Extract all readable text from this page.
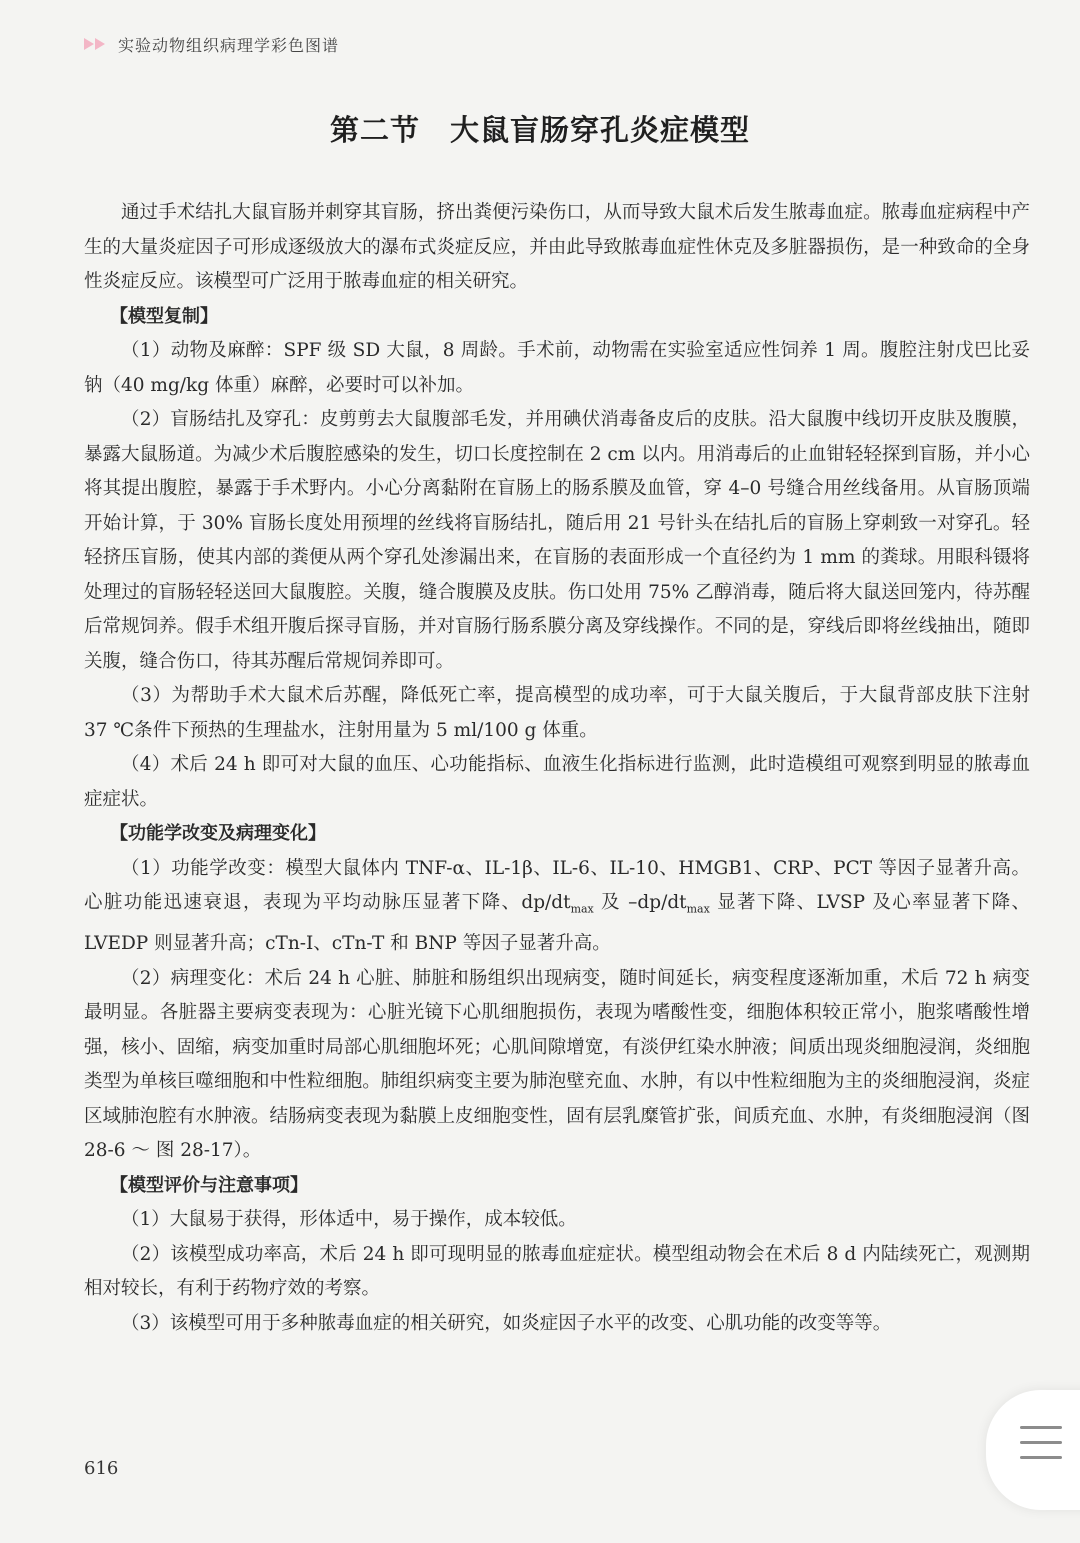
实验动物组织病理学彩色图谱
第二节　大鼠盲肠穿孔炎症模型

通过手术结扎大鼠盲肠并刺穿其盲肠，挤出粪便污染伤口，从而导致大鼠术后发生脓毒血症。脓毒血症病程中产生的大量炎症因子可形成逐级放大的瀑布式炎症反应，并由此导致脓毒血症性休克及多脏器损伤，是一种致命的全身性炎症反应。该模型可广泛用于脓毒血症的相关研究。

【模型复制】

（1）动物及麻醉：SPF 级 SD 大鼠，8 周龄。手术前，动物需在实验室适应性饲养 1 周。腹腔注射戊巴比妥钠（40 mg/kg 体重）麻醉，必要时可以补加。

（2）盲肠结扎及穿孔：皮剪剪去大鼠腹部毛发，并用碘伏消毒备皮后的皮肤。沿大鼠腹中线切开皮肤及腹膜，暴露大鼠肠道。为减少术后腹腔感染的发生，切口长度控制在 2 cm 以内。用消毒后的止血钳轻轻探到盲肠，并小心将其提出腹腔，暴露于手术野内。小心分离黏附在盲肠上的肠系膜及血管，穿 4–0 号缝合用丝线备用。从盲肠顶端开始计算，于 30% 盲肠长度处用预埋的丝线将盲肠结扎，随后用 21 号针头在结扎后的盲肠上穿刺致一对穿孔。轻轻挤压盲肠，使其内部的粪便从两个穿孔处渗漏出来，在盲肠的表面形成一个直径约为 1 mm 的粪球。用眼科镊将处理过的盲肠轻轻送回大鼠腹腔。关腹，缝合腹膜及皮肤。伤口处用 75% 乙醇消毒，随后将大鼠送回笼内，待苏醒后常规饲养。假手术组开腹后探寻盲肠，并对盲肠行肠系膜分离及穿线操作。不同的是，穿线后即将丝线抽出，随即关腹，缝合伤口，待其苏醒后常规饲养即可。

（3）为帮助手术大鼠术后苏醒，降低死亡率，提高模型的成功率，可于大鼠关腹后，于大鼠背部皮肤下注射 37 ℃条件下预热的生理盐水，注射用量为 5 ml/100 g 体重。

（4）术后 24 h 即可对大鼠的血压、心功能指标、血液生化指标进行监测，此时造模组可观察到明显的脓毒血症症状。

【功能学改变及病理变化】

（1）功能学改变：模型大鼠体内 TNF-α、IL-1β、IL-6、IL-10、HMGB1、CRP、PCT 等因子显著升高。心脏功能迅速衰退，表现为平均动脉压显著下降、$dp/dt_{max}$ 及 $-dp/dt_{max}$ 显著下降、LVSP 及心率显著下降、LVEDP 则显著升高；cTn-I、cTn-T 和 BNP 等因子显著升高。

（2）病理变化：术后 24 h 心脏、肺脏和肠组织出现病变，随时间延长，病变程度逐渐加重，术后 72 h 病变最明显。各脏器主要病变表现为：心脏光镜下心肌细胞损伤，表现为嗜酸性变，细胞体积较正常小，胞浆嗜酸性增强，核小、固缩，病变加重时局部心肌细胞坏死；心肌间隙增宽，有淡伊红染水肿液；间质出现炎细胞浸润，炎细胞类型为单核巨噬细胞和中性粒细胞。肺组织病变主要为肺泡壁充血、水肿，有以中性粒细胞为主的炎细胞浸润，炎症区域肺泡腔有水肿液。结肠病变表现为黏膜上皮细胞变性，固有层乳糜管扩张，间质充血、水肿，有炎细胞浸润（图 28-6 ～ 图 28-17）。

【模型评价与注意事项】

（1）大鼠易于获得，形体适中，易于操作，成本较低。

（2）该模型成功率高，术后 24 h 即可现明显的脓毒血症症状。模型组动物会在术后 8 d 内陆续死亡，观测期相对较长，有利于药物疗效的考察。

（3）该模型可用于多种脓毒血症的相关研究，如炎症因子水平的改变、心肌功能的改变等等。

616
